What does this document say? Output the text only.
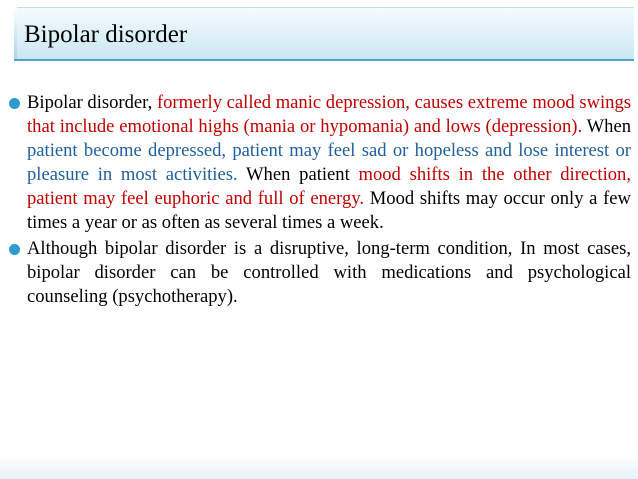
Bipolar disorder
Bipolar disorder, formerly called manic depression, causes extreme mood swings that include emotional highs (mania or hypomania) and lows (depression). When patient become depressed, patient may feel sad or hopeless and lose interest or pleasure in most activities. When patient mood shifts in the other direction, patient may feel euphoric and full of energy. Mood shifts may occur only a few times a year or as often as several times a week.
Although bipolar disorder is a disruptive, long-term condition, In most cases, bipolar disorder can be controlled with medications and psychological counseling (psychotherapy).
